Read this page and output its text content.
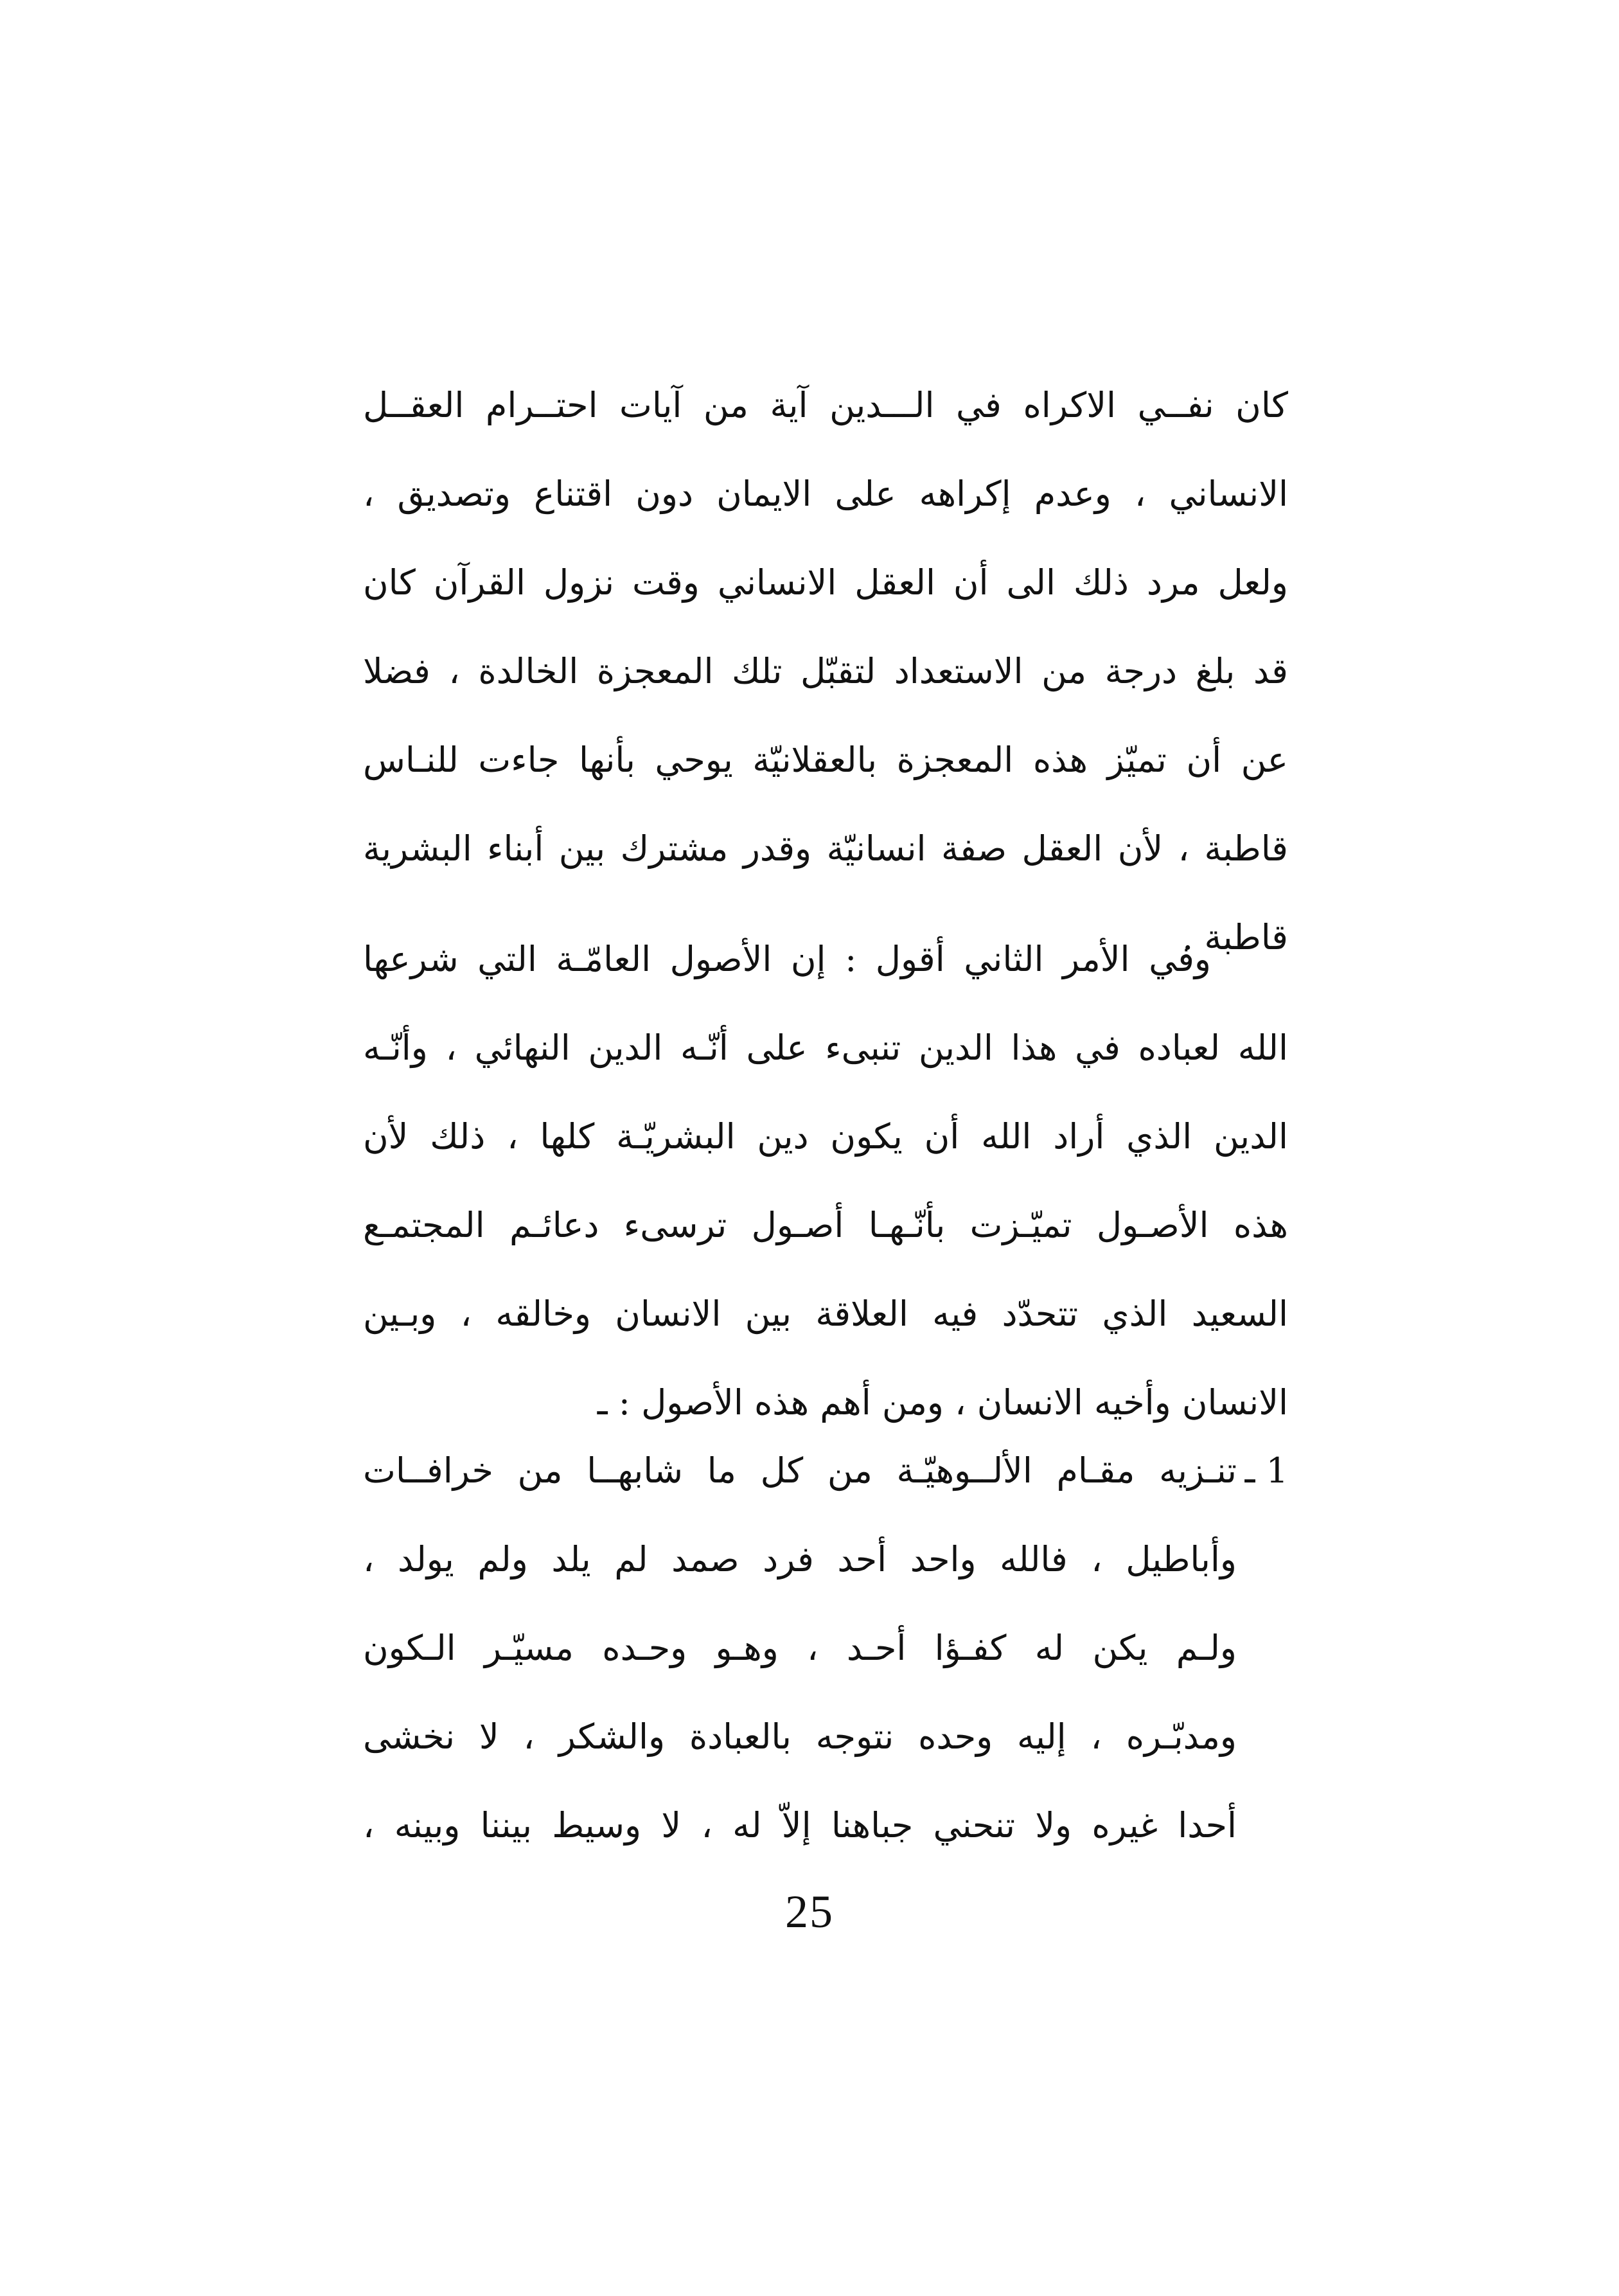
كان نفــي الاكراه في الـــدين آية من آيات احتــرام العقــل
الانساني ، وعدم إكراهه على الايمان دون اقتناع وتصديق ،
ولعل مرد ذلك الى أن العقل الانساني وقت نزول القرآن كان
قد بلغ درجة من الاستعداد لتقبّل تلك المعجزة الخالدة ، فضلا
عن أن تميّز هذه المعجزة بالعقلانيّة يوحي بأنها جاءت للنـاس
قاطبة ، لأن العقل صفة انسانيّة وقدر مشترك بين أبناء البشرية
قاطبة .
وفي الأمر الثاني أقول : إن الأصول العامّـة التي شرعها
الله لعباده في هذا الدين تنبىء على أنّـه الدين النهائي ، وأنّـه
الدين الذي أراد الله أن يكون دين البشريّـة كلها ، ذلك لأن
هذه الأصـول تميّـزت بأنّـهـا أصـول ترسىء دعائـم المجتمـع
السعيد الذي تتحدّد فيه العلاقة بين الانسان وخالقه ، وبـين
الانسان وأخيه الانسان ، ومن أهم هذه الأصول : ـ
1 ـ
تنـزيه مقـام الألــوهيّـة من كل ما شابهــا من خرافــات
وأباطيل ، فالله واحد أحد فرد صمد لم يلد ولم يولد ،
ولـم يكن له كفـؤا أحـد ، وهـو وحـده مسيّـر الـكون
ومدبّـره ، إليه وحده نتوجه بالعبادة والشكر ، لا نخشى
أحدا غيره ولا تنحني جباهنا إلاّ له ، لا وسيط بيننا وبينه ،
25
